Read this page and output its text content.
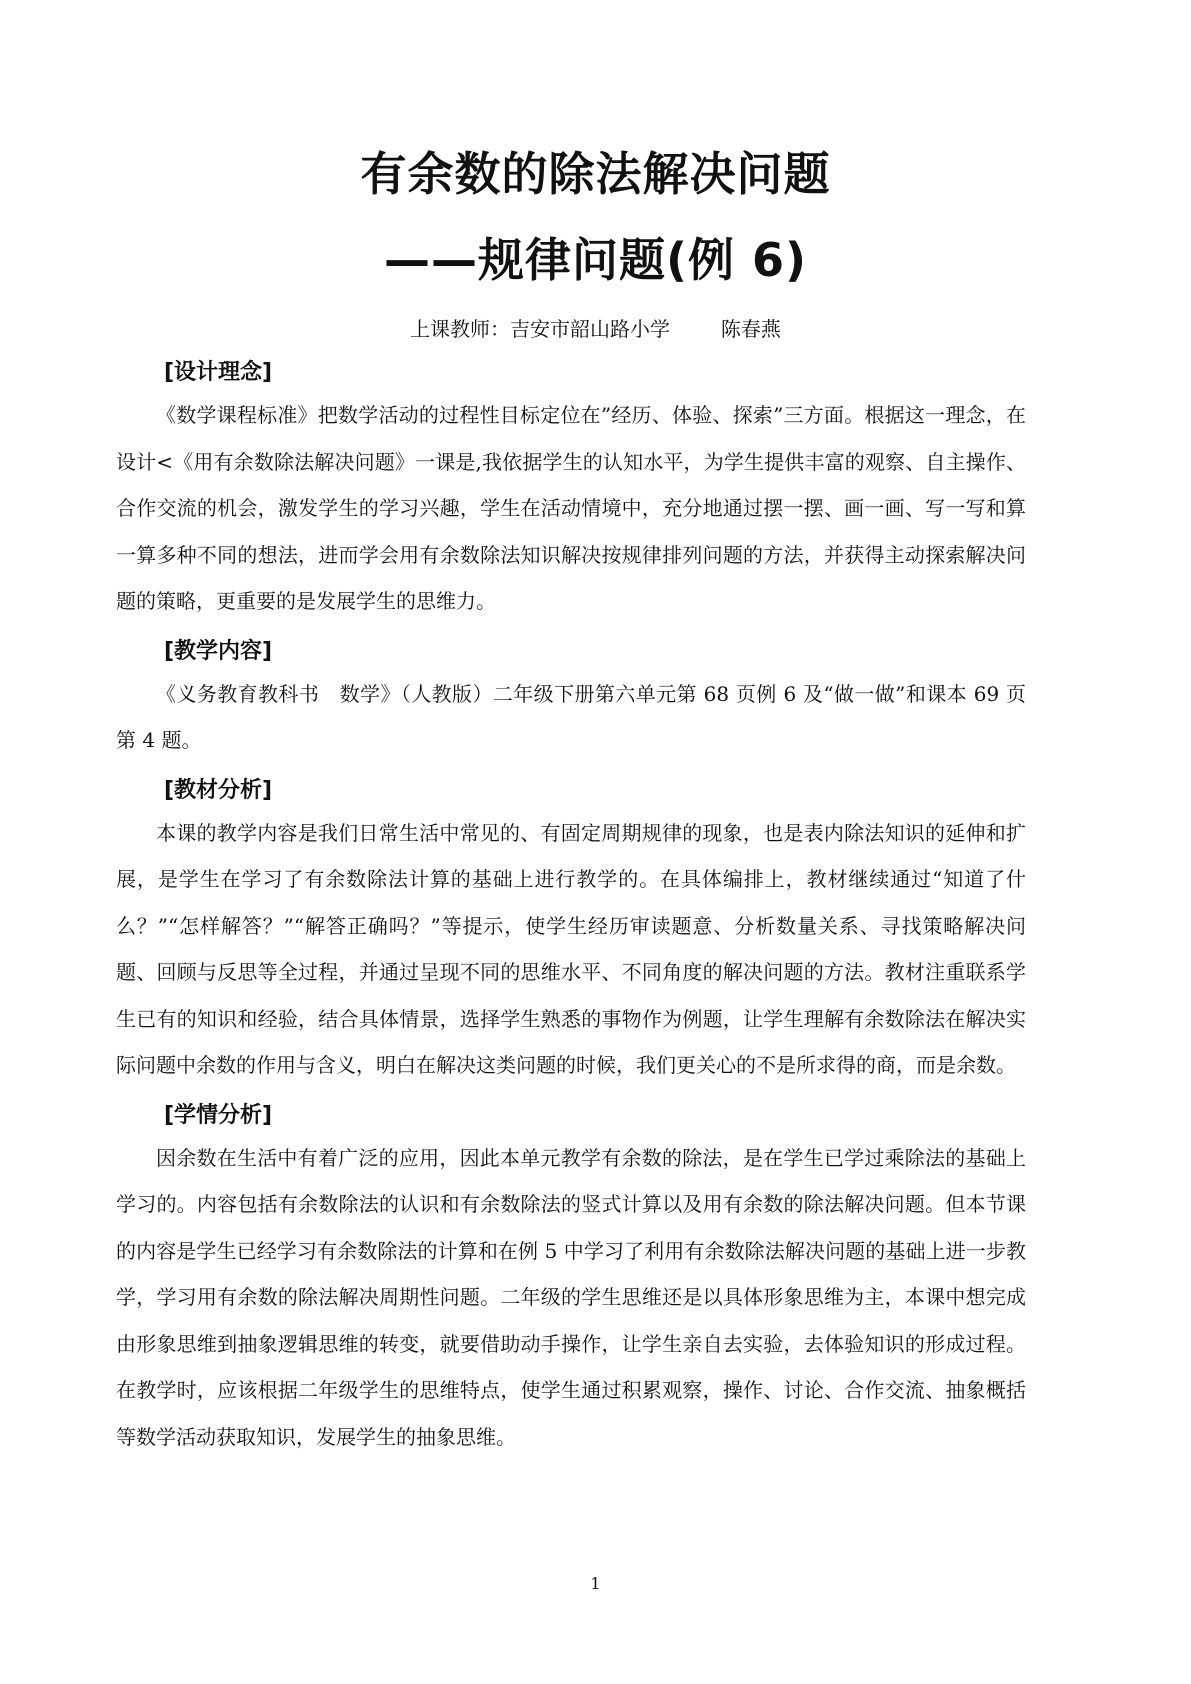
有余数的除法解决问题
——规律问题(例 6)
上课教师：吉安市韶山路小学        陈春燕
[设计理念]

《数学课程标准》把数学活动的过程性目标定位在”经历、体验、探索”三方面。根据这一理念，在设计<《用有余数除法解决问题》一课是,我依据学生的认知水平，为学生提供丰富的观察、自主操作、合作交流的机会，激发学生的学习兴趣，学生在活动情境中，充分地通过摆一摆、画一画、写一写和算一算多种不同的想法，进而学会用有余数除法知识解决按规律排列问题的方法，并获得主动探索解决问题的策略，更重要的是发展学生的思维力。

[教学内容]

《义务教育教科书　数学》（人教版）二年级下册第六单元第 68 页例 6 及“做一做”和课本 69 页第 4 题。

[教材分析]

本课的教学内容是我们日常生活中常见的、有固定周期规律的现象，也是表内除法知识的延伸和扩展，是学生在学习了有余数除法计算的基础上进行教学的。在具体编排上，教材继续通过“知道了什么？”“怎样解答？”“解答正确吗？”等提示，使学生经历审读题意、分析数量关系、寻找策略解决问题、回顾与反思等全过程，并通过呈现不同的思维水平、不同角度的解决问题的方法。教材注重联系学生已有的知识和经验，结合具体情景，选择学生熟悉的事物作为例题，让学生理解有余数除法在解决实际问题中余数的作用与含义，明白在解决这类问题的时候，我们更关心的不是所求得的商，而是余数。

[学情分析]

因余数在生活中有着广泛的应用，因此本单元教学有余数的除法，是在学生已学过乘除法的基础上学习的。内容包括有余数除法的认识和有余数除法的竖式计算以及用有余数的除法解决问题。但本节课的内容是学生已经学习有余数除法的计算和在例 5 中学习了利用有余数除法解决问题的基础上进一步教学，学习用有余数的除法解决周期性问题。二年级的学生思维还是以具体形象思维为主，本课中想完成由形象思维到抽象逻辑思维的转变，就要借助动手操作，让学生亲自去实验，去体验知识的形成过程。在教学时，应该根据二年级学生的思维特点，使学生通过积累观察，操作、讨论、合作交流、抽象概括等数学活动获取知识，发展学生的抽象思维。

1
